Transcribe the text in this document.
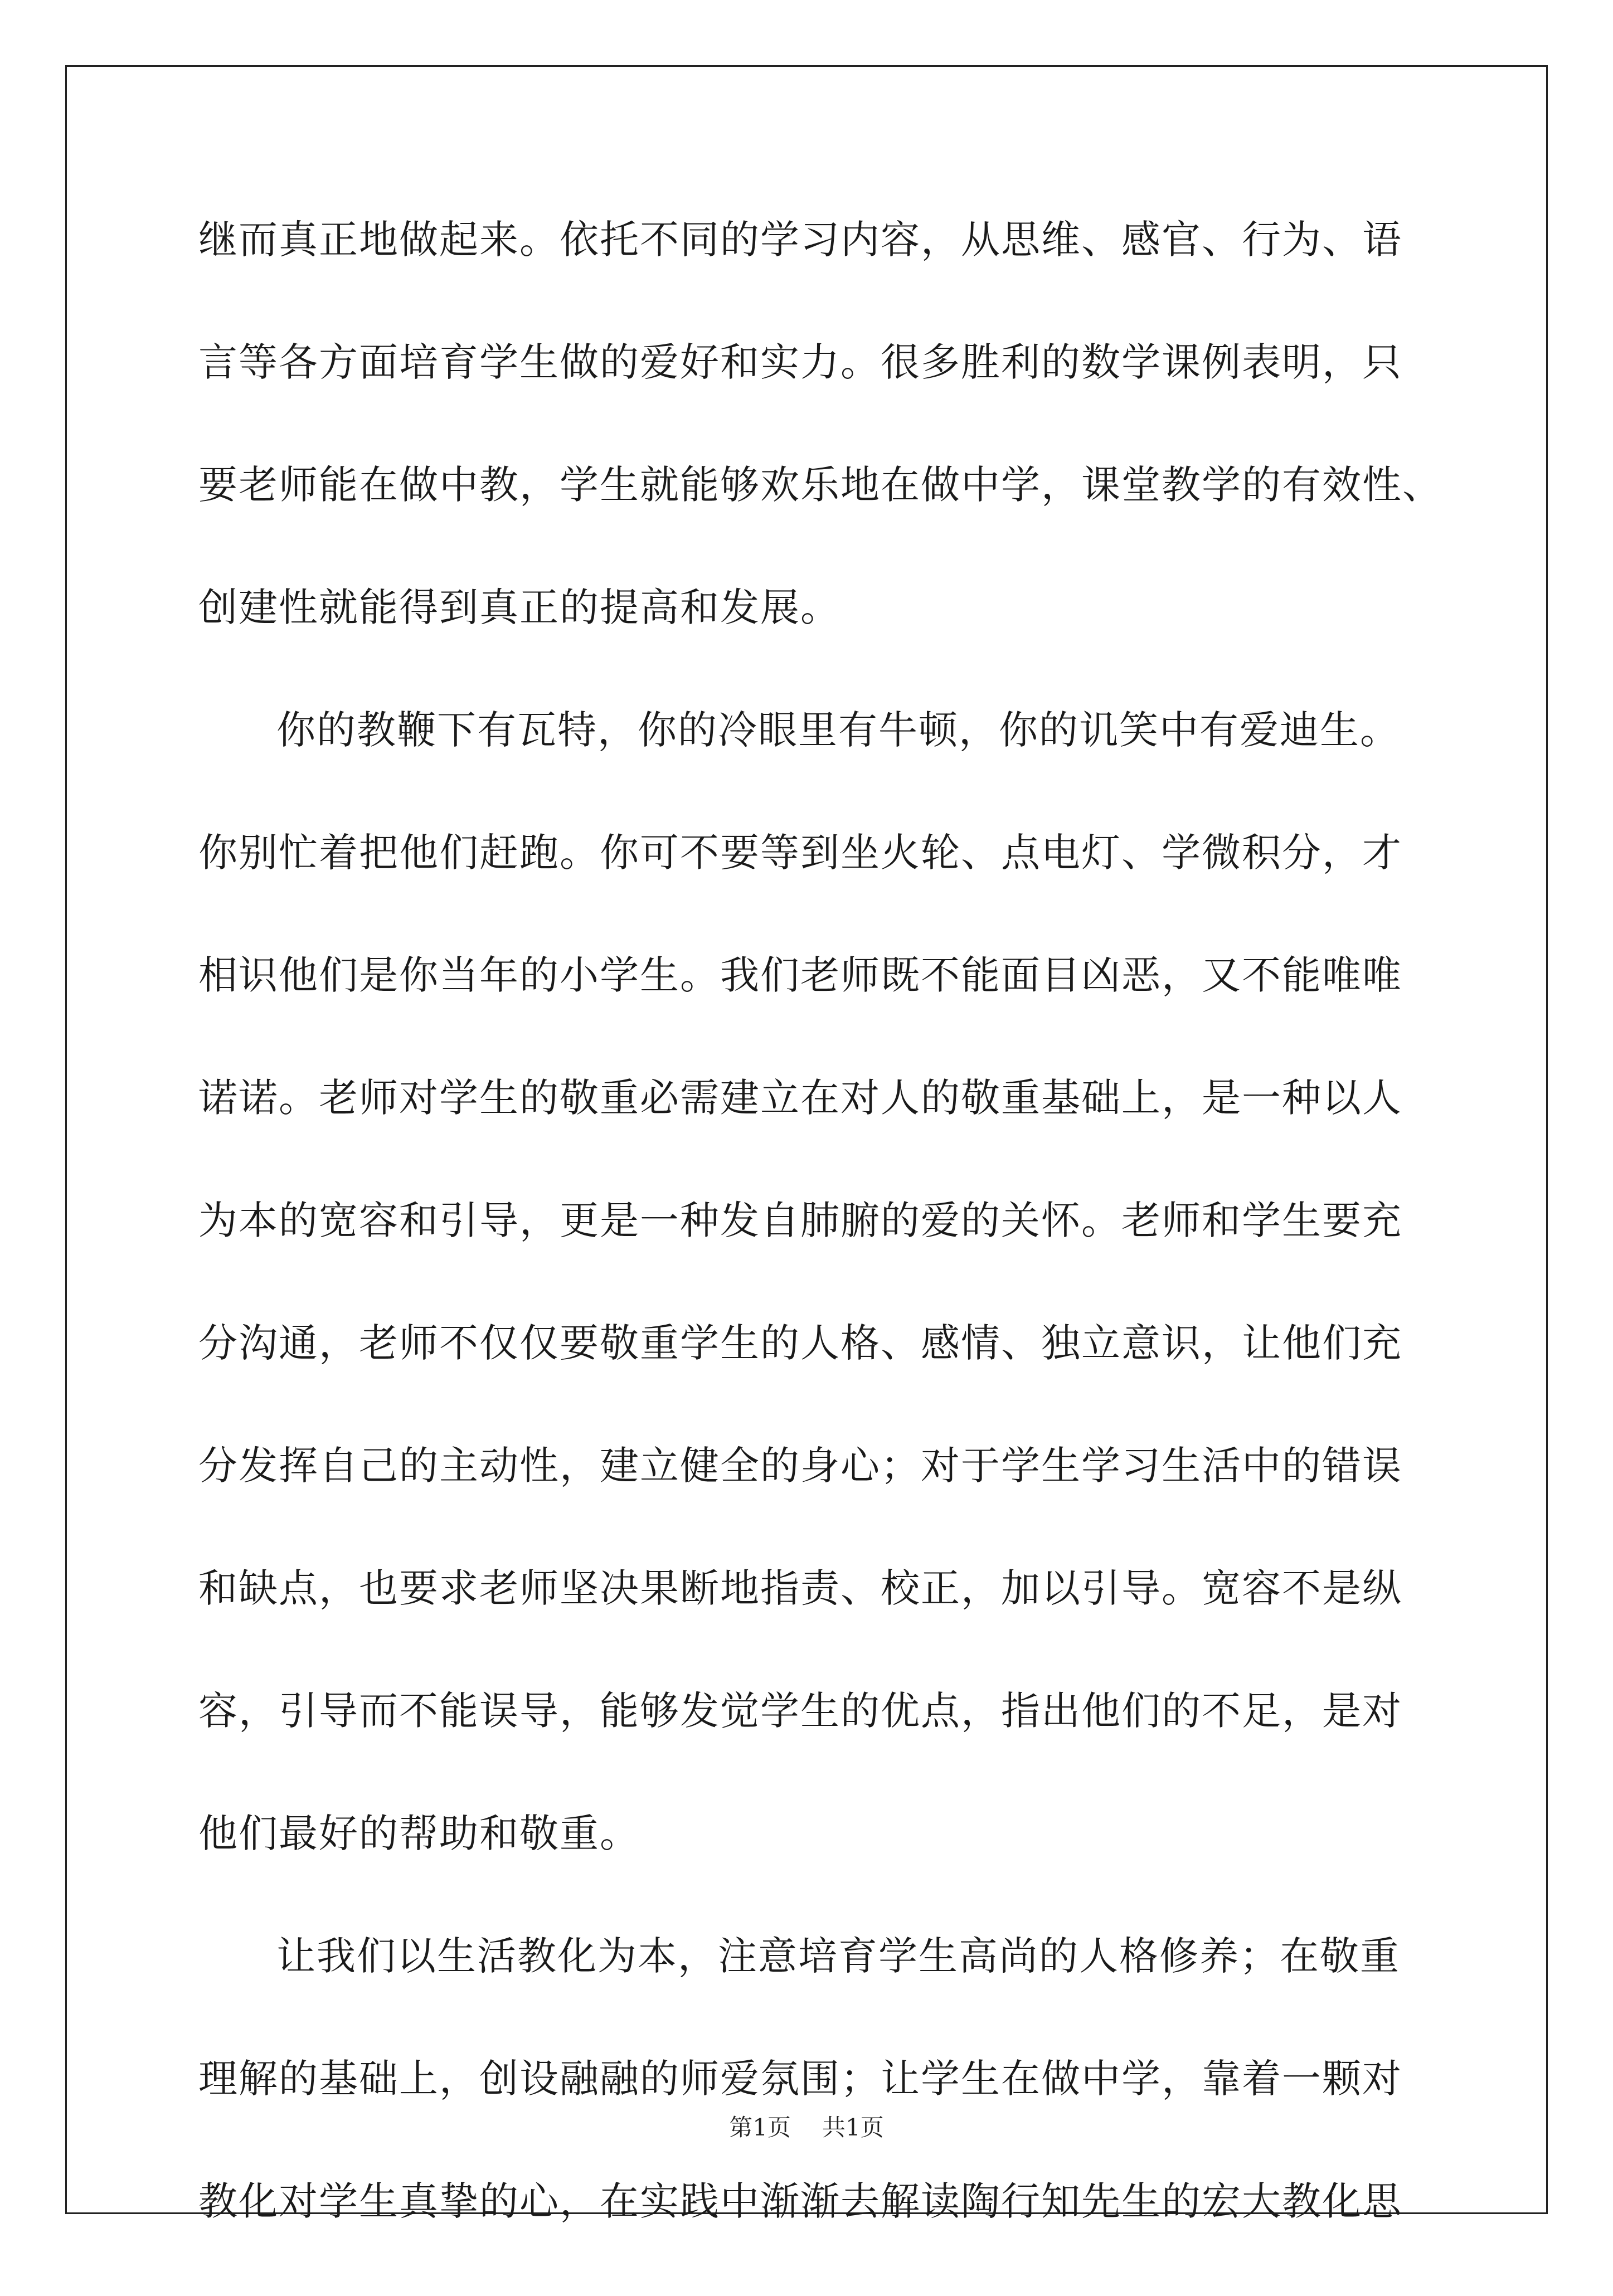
继而真正地做起来。依托不同的学习内容，从思维、感官、行为、语
言等各方面培育学生做的爱好和实力。很多胜利的数学课例表明，只
要老师能在做中教，学生就能够欢乐地在做中学，课堂教学的有效性、
创建性就能得到真正的提高和发展。
你的教鞭下有瓦特，你的冷眼里有牛顿，你的讥笑中有爱迪生。
你别忙着把他们赶跑。你可不要等到坐火轮、点电灯、学微积分，才
相识他们是你当年的小学生。我们老师既不能面目凶恶，又不能唯唯
诺诺。老师对学生的敬重必需建立在对人的敬重基础上，是一种以人
为本的宽容和引导，更是一种发自肺腑的爱的关怀。老师和学生要充
分沟通，老师不仅仅要敬重学生的人格、感情、独立意识，让他们充
分发挥自己的主动性，建立健全的身心；对于学生学习生活中的错误
和缺点，也要求老师坚决果断地指责、校正，加以引导。宽容不是纵
容，引导而不能误导，能够发觉学生的优点，指出他们的不足，是对
他们最好的帮助和敬重。
让我们以生活教化为本，注意培育学生高尚的人格修养；在敬重
理解的基础上，创设融融的师爱氛围；让学生在做中学，靠着一颗对
教化对学生真挚的心，在实践中渐渐去解读陶行知先生的宏大教化思
第1页 共1页
